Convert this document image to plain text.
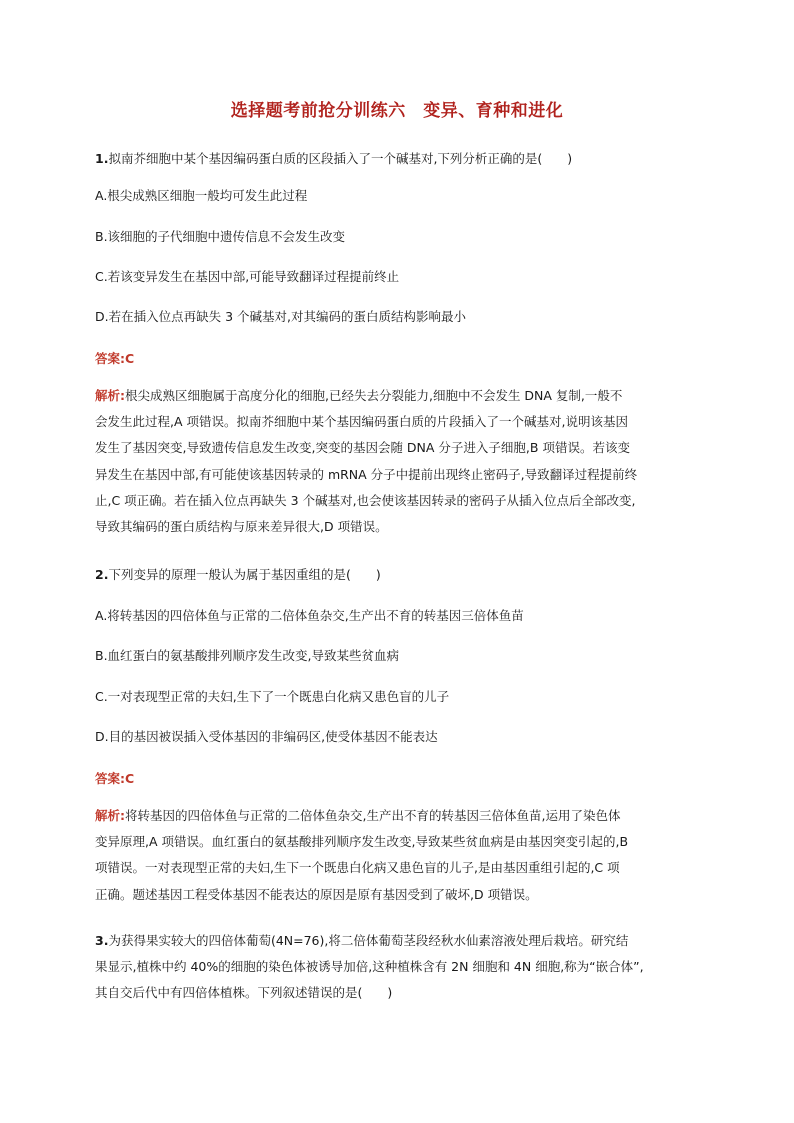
选择题考前抢分训练六　变异、育种和进化
1.拟南芥细胞中某个基因编码蛋白质的区段插入了一个碱基对,下列分析正确的是(　　)
A.根尖成熟区细胞一般均可发生此过程
B.该细胞的子代细胞中遗传信息不会发生改变
C.若该变异发生在基因中部,可能导致翻译过程提前终止
D.若在插入位点再缺失 3 个碱基对,对其编码的蛋白质结构影响最小
答案:C
解析:根尖成熟区细胞属于高度分化的细胞,已经失去分裂能力,细胞中不会发生 DNA 复制,一般不
会发生此过程,A 项错误。拟南芥细胞中某个基因编码蛋白质的片段插入了一个碱基对,说明该基因
发生了基因突变,导致遗传信息发生改变,突变的基因会随 DNA 分子进入子细胞,B 项错误。若该变
异发生在基因中部,有可能使该基因转录的 mRNA 分子中提前出现终止密码子,导致翻译过程提前终
止,C 项正确。若在插入位点再缺失 3 个碱基对,也会使该基因转录的密码子从插入位点后全部改变,
导致其编码的蛋白质结构与原来差异很大,D 项错误。
2.下列变异的原理一般认为属于基因重组的是(　　)
A.将转基因的四倍体鱼与正常的二倍体鱼杂交,生产出不育的转基因三倍体鱼苗
B.血红蛋白的氨基酸排列顺序发生改变,导致某些贫血病
C.一对表现型正常的夫妇,生下了一个既患白化病又患色盲的儿子
D.目的基因被误插入受体基因的非编码区,使受体基因不能表达
答案:C
解析:将转基因的四倍体鱼与正常的二倍体鱼杂交,生产出不育的转基因三倍体鱼苗,运用了染色体
变异原理,A 项错误。血红蛋白的氨基酸排列顺序发生改变,导致某些贫血病是由基因突变引起的,B
项错误。一对表现型正常的夫妇,生下一个既患白化病又患色盲的儿子,是由基因重组引起的,C 项
正确。题述基因工程受体基因不能表达的原因是原有基因受到了破坏,D 项错误。
3.为获得果实较大的四倍体葡萄(4N=76),将二倍体葡萄茎段经秋水仙素溶液处理后栽培。研究结
果显示,植株中约 40%的细胞的染色体被诱导加倍,这种植株含有 2N 细胞和 4N 细胞,称为“嵌合体”,
其自交后代中有四倍体植株。下列叙述错误的是(　　)
